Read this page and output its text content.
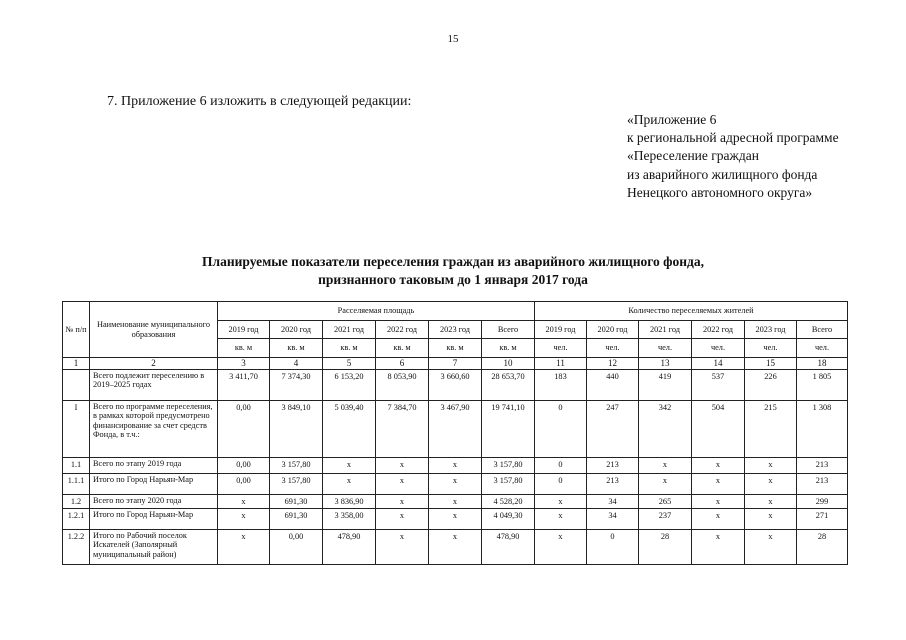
15
7. Приложение 6 изложить в следующей редакции:
«Приложение 6
к региональной адресной программе
«Переселение граждан
из аварийного жилищного фонда
Ненецкого автономного округа»
Планируемые показатели переселения граждан из аварийного жилищного фонда,
признанного таковым до 1 января 2017 года
№ п/п	Наименование муниципального образования	Расселяемая площадь						Количество переселяемых жителей					
		2019 год	2020 год	2021 год	2022 год	2023 год	Всего	2019 год	2020 год	2021 год	2022 год	2023 год	Всего
		кв. м	кв. м	кв. м	кв. м	кв. м	кв. м	чел.	чел.	чел.	чел.	чел.	чел.
1	2	3	4	5	6	7	10	11	12	13	14	15	18
	Всего подлежит переселению в 2019–2025 годах	3 411,70	7 374,30	6 153,20	8 053,90	3 660,60	28 653,70	183	440	419	537	226	1 805
I	Всего по программе переселения, в рамках которой предусмотрено финансирование за счет средств Фонда, в т.ч.:	0,00	3 849,10	5 039,40	7 384,70	3 467,90	19 741,10	0	247	342	504	215	1 308
1.1	Всего по этапу 2019 года	0,00	3 157,80	х	х	х	3 157,80	0	213	х	х	х	213
1.1.1	Итого по Город Нарьян-Мар	0,00	3 157,80	х	х	х	3 157,80	0	213	х	х	х	213
1.2	Всего по этапу 2020 года	х	691,30	3 836,90	х	х	4 528,20	х	34	265	х	х	299
1.2.1	Итого по Город Нарьян-Мар	х	691,30	3 358,00	х	х	4 049,30	х	34	237	х	х	271
1.2.2	Итого по Рабочий поселок Искателей (Заполярный муниципальный район)	х	0,00	478,90	х	х	478,90	х	0	28	х	х	28
